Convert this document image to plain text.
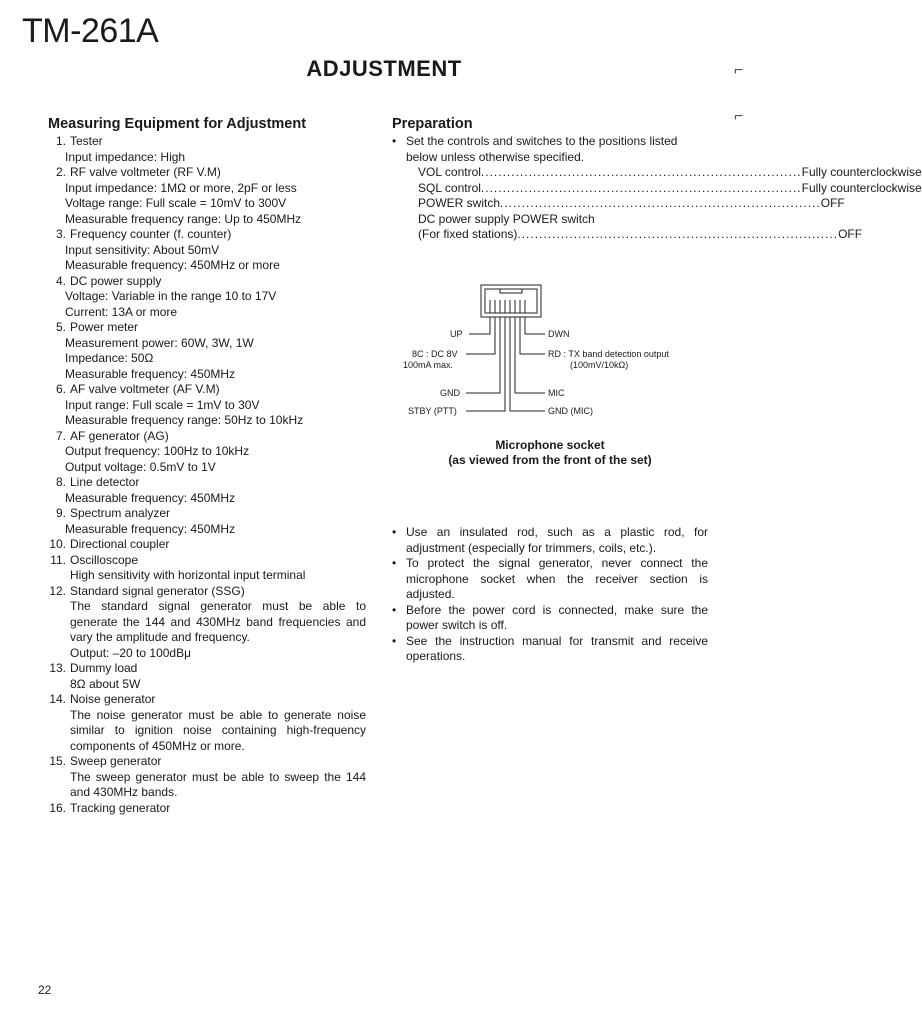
TM-261A
ADJUSTMENT
Measuring Equipment for Adjustment
1. Tester
Input impedance: High
2. RF valve voltmeter (RF V.M)
Input impedance: 1MΩ or more, 2pF or less
Voltage range: Full scale = 10mV to 300V
Measurable frequency range: Up to 450MHz
3. Frequency counter (f. counter)
Input sensitivity: About 50mV
Measurable frequency: 450MHz or more
4. DC power supply
Voltage: Variable in the range 10 to 17V
Current: 13A or more
5. Power meter
Measurement power: 60W, 3W, 1W
Impedance: 50Ω
Measurable frequency: 450MHz
6. AF valve voltmeter (AF V.M)
Input range: Full scale = 1mV to 30V
Measurable frequency range: 50Hz to 10kHz
7. AF generator (AG)
Output frequency: 100Hz to 10kHz
Output voltage: 0.5mV to 1V
8. Line detector
Measurable frequency: 450MHz
9. Spectrum analyzer
Measurable frequency: 450MHz
10. Directional coupler
11. Oscilloscope
High sensitivity with horizontal input terminal
12. Standard signal generator (SSG)
The standard signal generator must be able to generate the 144 and 430MHz band frequencies and vary the amplitude and frequency.
Output: –20 to 100dBμ
13. Dummy load
8Ω about 5W
14. Noise generator
The noise generator must be able to generate noise similar to ignition noise containing high-frequency components of 450MHz or more.
15. Sweep generator
The sweep generator must be able to sweep the 144 and 430MHz bands.
16. Tracking generator
Preparation
• Set the controls and switches to the positions listed below unless otherwise specified.
VOL control .......................................................................... Fully counterclockwise
SQL control .......................................................................... Fully counterclockwise
POWER switch .......................................................................... OFF
DC power supply POWER switch
(For fixed stations) .......................................................................... OFF
UP
8C : DC 8V
100mA max.
GND
STBY (PTT)
DWN
RD : TX band detection output
(100mV/10kΩ)
MIC
GND (MIC)
Microphone socket
(as viewed from the front of the set)
• Use an insulated rod, such as a plastic rod, for adjustment (especially for trimmers, coils, etc.).
• To protect the signal generator, never connect the microphone socket when the receiver section is adjusted.
• Before the power cord is connected, make sure the power switch is off.
• See the instruction manual for transmit and receive operations.
22
⌐
⌐
